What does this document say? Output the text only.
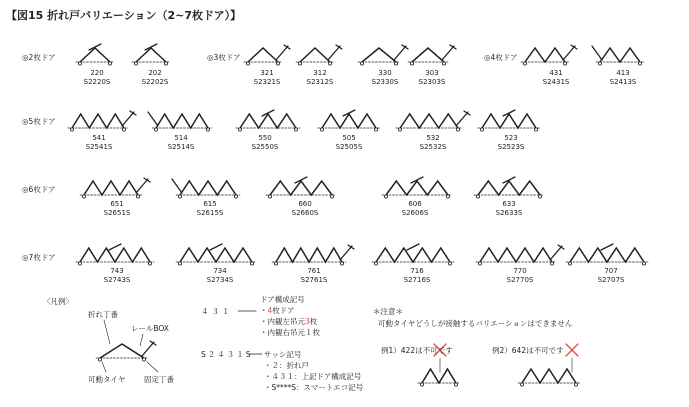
【図15 折れ戸バリエーション（2~7枚ドア）】
◎2枚ドア	◎3枚ドア	◎4枚ドア
◎5枚ドア
◎6枚ドア
◎7枚ドア
220
S2220S
202
S2202S
321
S2321S
312
S2312S
330
S2330S
303
S2303S
431
S2431S
413
S2413S
541
S2541S
514
S2514S
550
S2550S
505
S2505S
532
S2532S
523
S2523S
651
S2651S
615
S2615S
660
S2660S
606
S2606S
633
S2633S
743
S2743S
734
S2734S
761
S2761S
716
S2716S
770
S2770S
707
S2707S
〈凡例〉
折れ丁番
レールBOX
可動タイヤ 固定丁番
４３１
ドア構成記号
・4枚ドア
・内観左吊元3枚
・内観右吊元１枚
S２４３１S サッシ記号
・２：折れ戸
・４３１：上記ドア構成記号
・S****S：スマートエコ記号
＊注意＊
可動タイヤどうしが接触するバリエーションはできません
例1）422は不可です	例2）642は不可です
